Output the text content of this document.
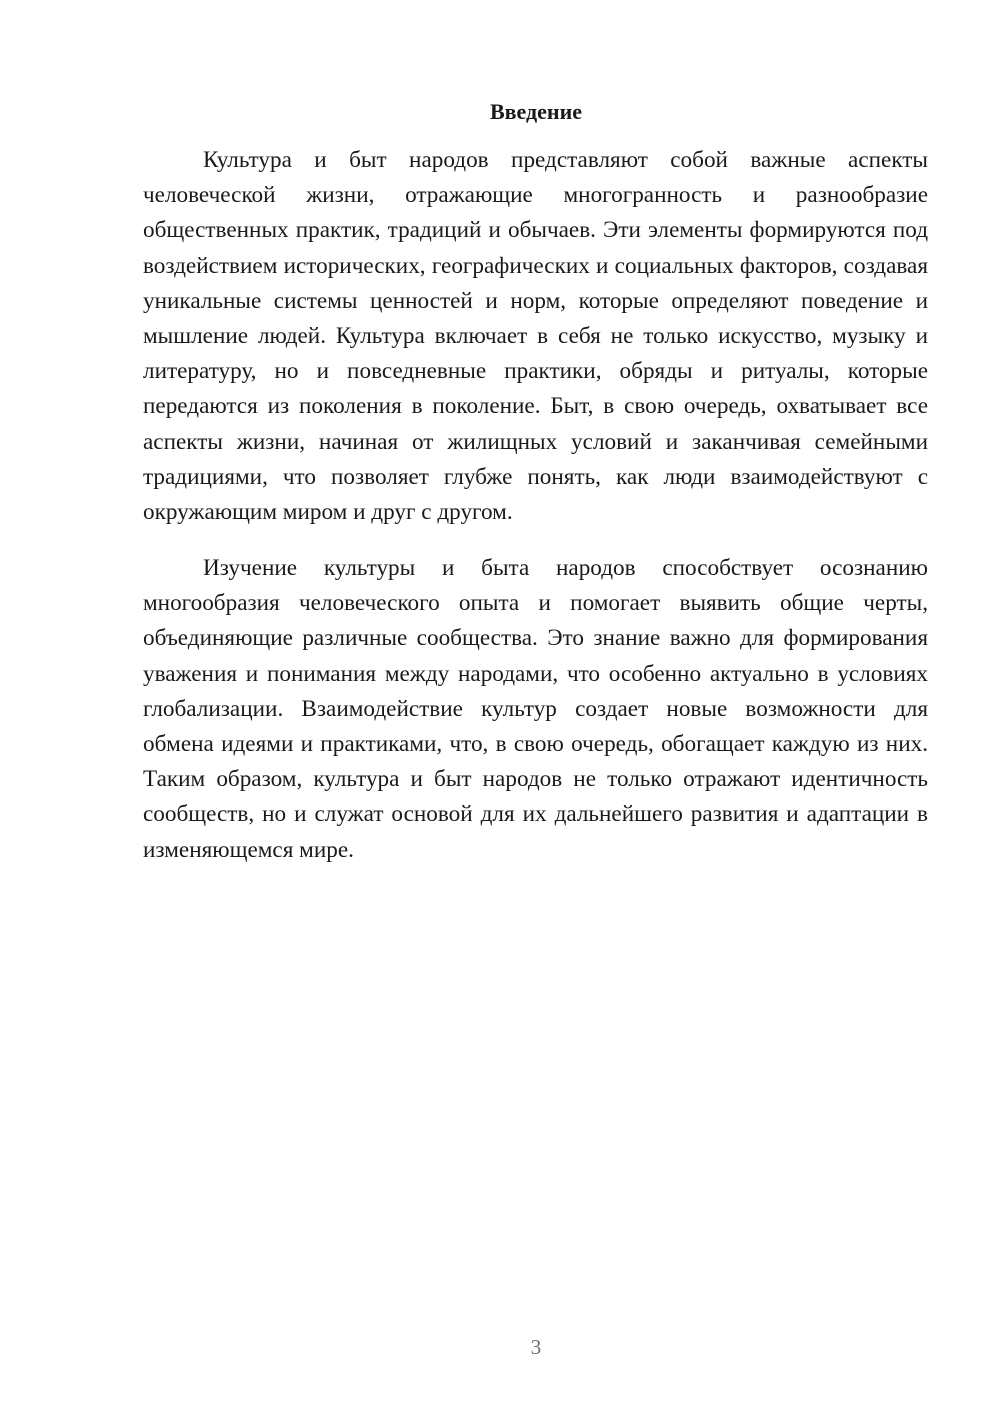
Введение

Культура и быт народов представляют собой важные аспекты человеческой жизни, отражающие многогранность и разнообразие общественных практик, традиций и обычаев. Эти элементы формируются под воздействием исторических, географических и социальных факторов, создавая уникальные системы ценностей и норм, которые определяют поведение и мышление людей. Культура включает в себя не только искусство, музыку и литературу, но и повседневные практики, обряды и ритуалы, которые передаются из поколения в поколение. Быт, в свою очередь, охватывает все аспекты жизни, начиная от жилищных условий и заканчивая семейными традициями, что позволяет глубже понять, как люди взаимодействуют с окружающим миром и друг с другом.

Изучение культуры и быта народов способствует осознанию многообразия человеческого опыта и помогает выявить общие черты, объединяющие различные сообщества. Это знание важно для формирования уважения и понимания между народами, что особенно актуально в условиях глобализации. Взаимодействие культур создает новые возможности для обмена идеями и практиками, что, в свою очередь, обогащает каждую из них. Таким образом, культура и быт народов не только отражают идентичность сообществ, но и служат основой для их дальнейшего развития и адаптации в изменяющемся мире.

3
